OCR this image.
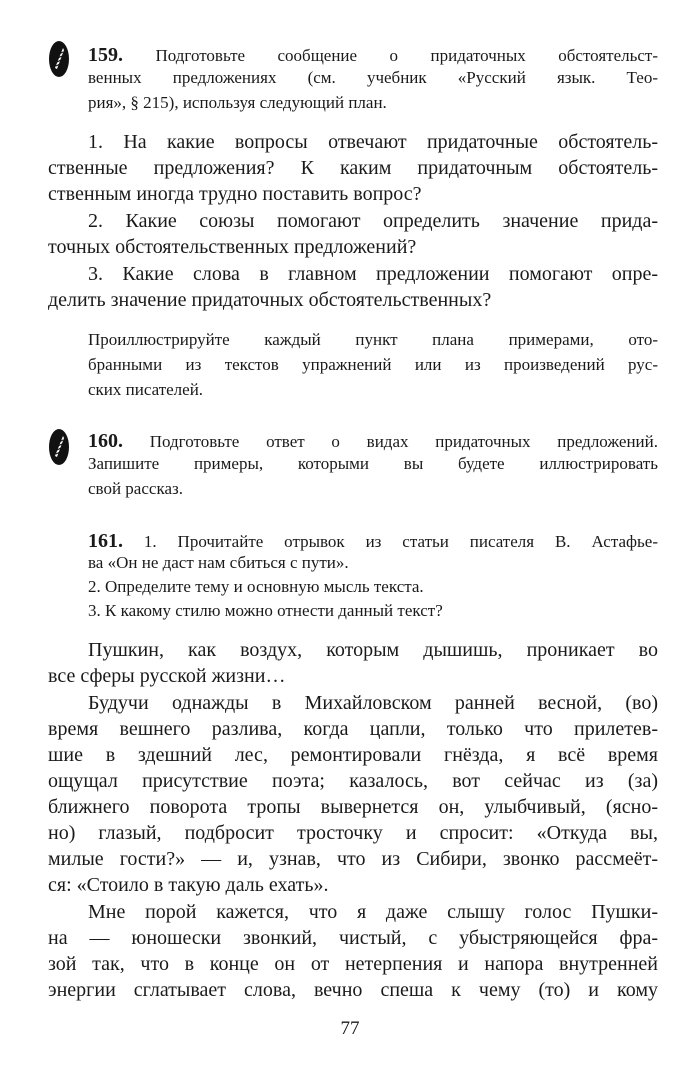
159. Подготовьте сообщение о придаточных обстоятельст-
венных предложениях (см. учебник «Русский язык. Тео-
рия», § 215), используя следующий план.
1. На какие вопросы отвечают придаточные обстоятель-
ственные предложения? К каким придаточным обстоятель-
ственным иногда трудно поставить вопрос?
2. Какие союзы помогают определить значение прида-
точных обстоятельственных предложений?
3. Какие слова в главном предложении помогают опре-
делить значение придаточных обстоятельственных?
Проиллюстрируйте каждый пункт плана примерами, ото-
бранными из текстов упражнений или из произведений рус-
ских писателей.
160. Подготовьте ответ о видах придаточных предложений.
Запишите примеры, которыми вы будете иллюстрировать
свой рассказ.
161. 1. Прочитайте отрывок из статьи писателя В. Астафье-
ва «Он не даст нам сбиться с пути».
2. Определите тему и основную мысль текста.
3. К какому стилю можно отнести данный текст?
Пушкин, как воздух, которым дышишь, проникает во
все сферы русской жизни…
Будучи однажды в Михайловском ранней весной, (во)
время вешнего разлива, когда цапли, только что прилетев-
шие в здешний лес, ремонтировали гнёзда, я всё время
ощущал присутствие поэта; казалось, вот сейчас из (за)
ближнего поворота тропы вывернется он, улыбчивый, (ясно-
но) глазый, подбросит тросточку и спросит: «Откуда вы,
милые гости?» — и, узнав, что из Сибири, звонко рассмеёт-
ся: «Стоило в такую даль ехать».
Мне порой кажется, что я даже слышу голос Пушки-
на — юношески звонкий, чистый, с убыстряющейся фра-
зой так, что в конце он от нетерпения и напора внутренней
энергии сглатывает слова, вечно спеша к чему (то) и кому
77
